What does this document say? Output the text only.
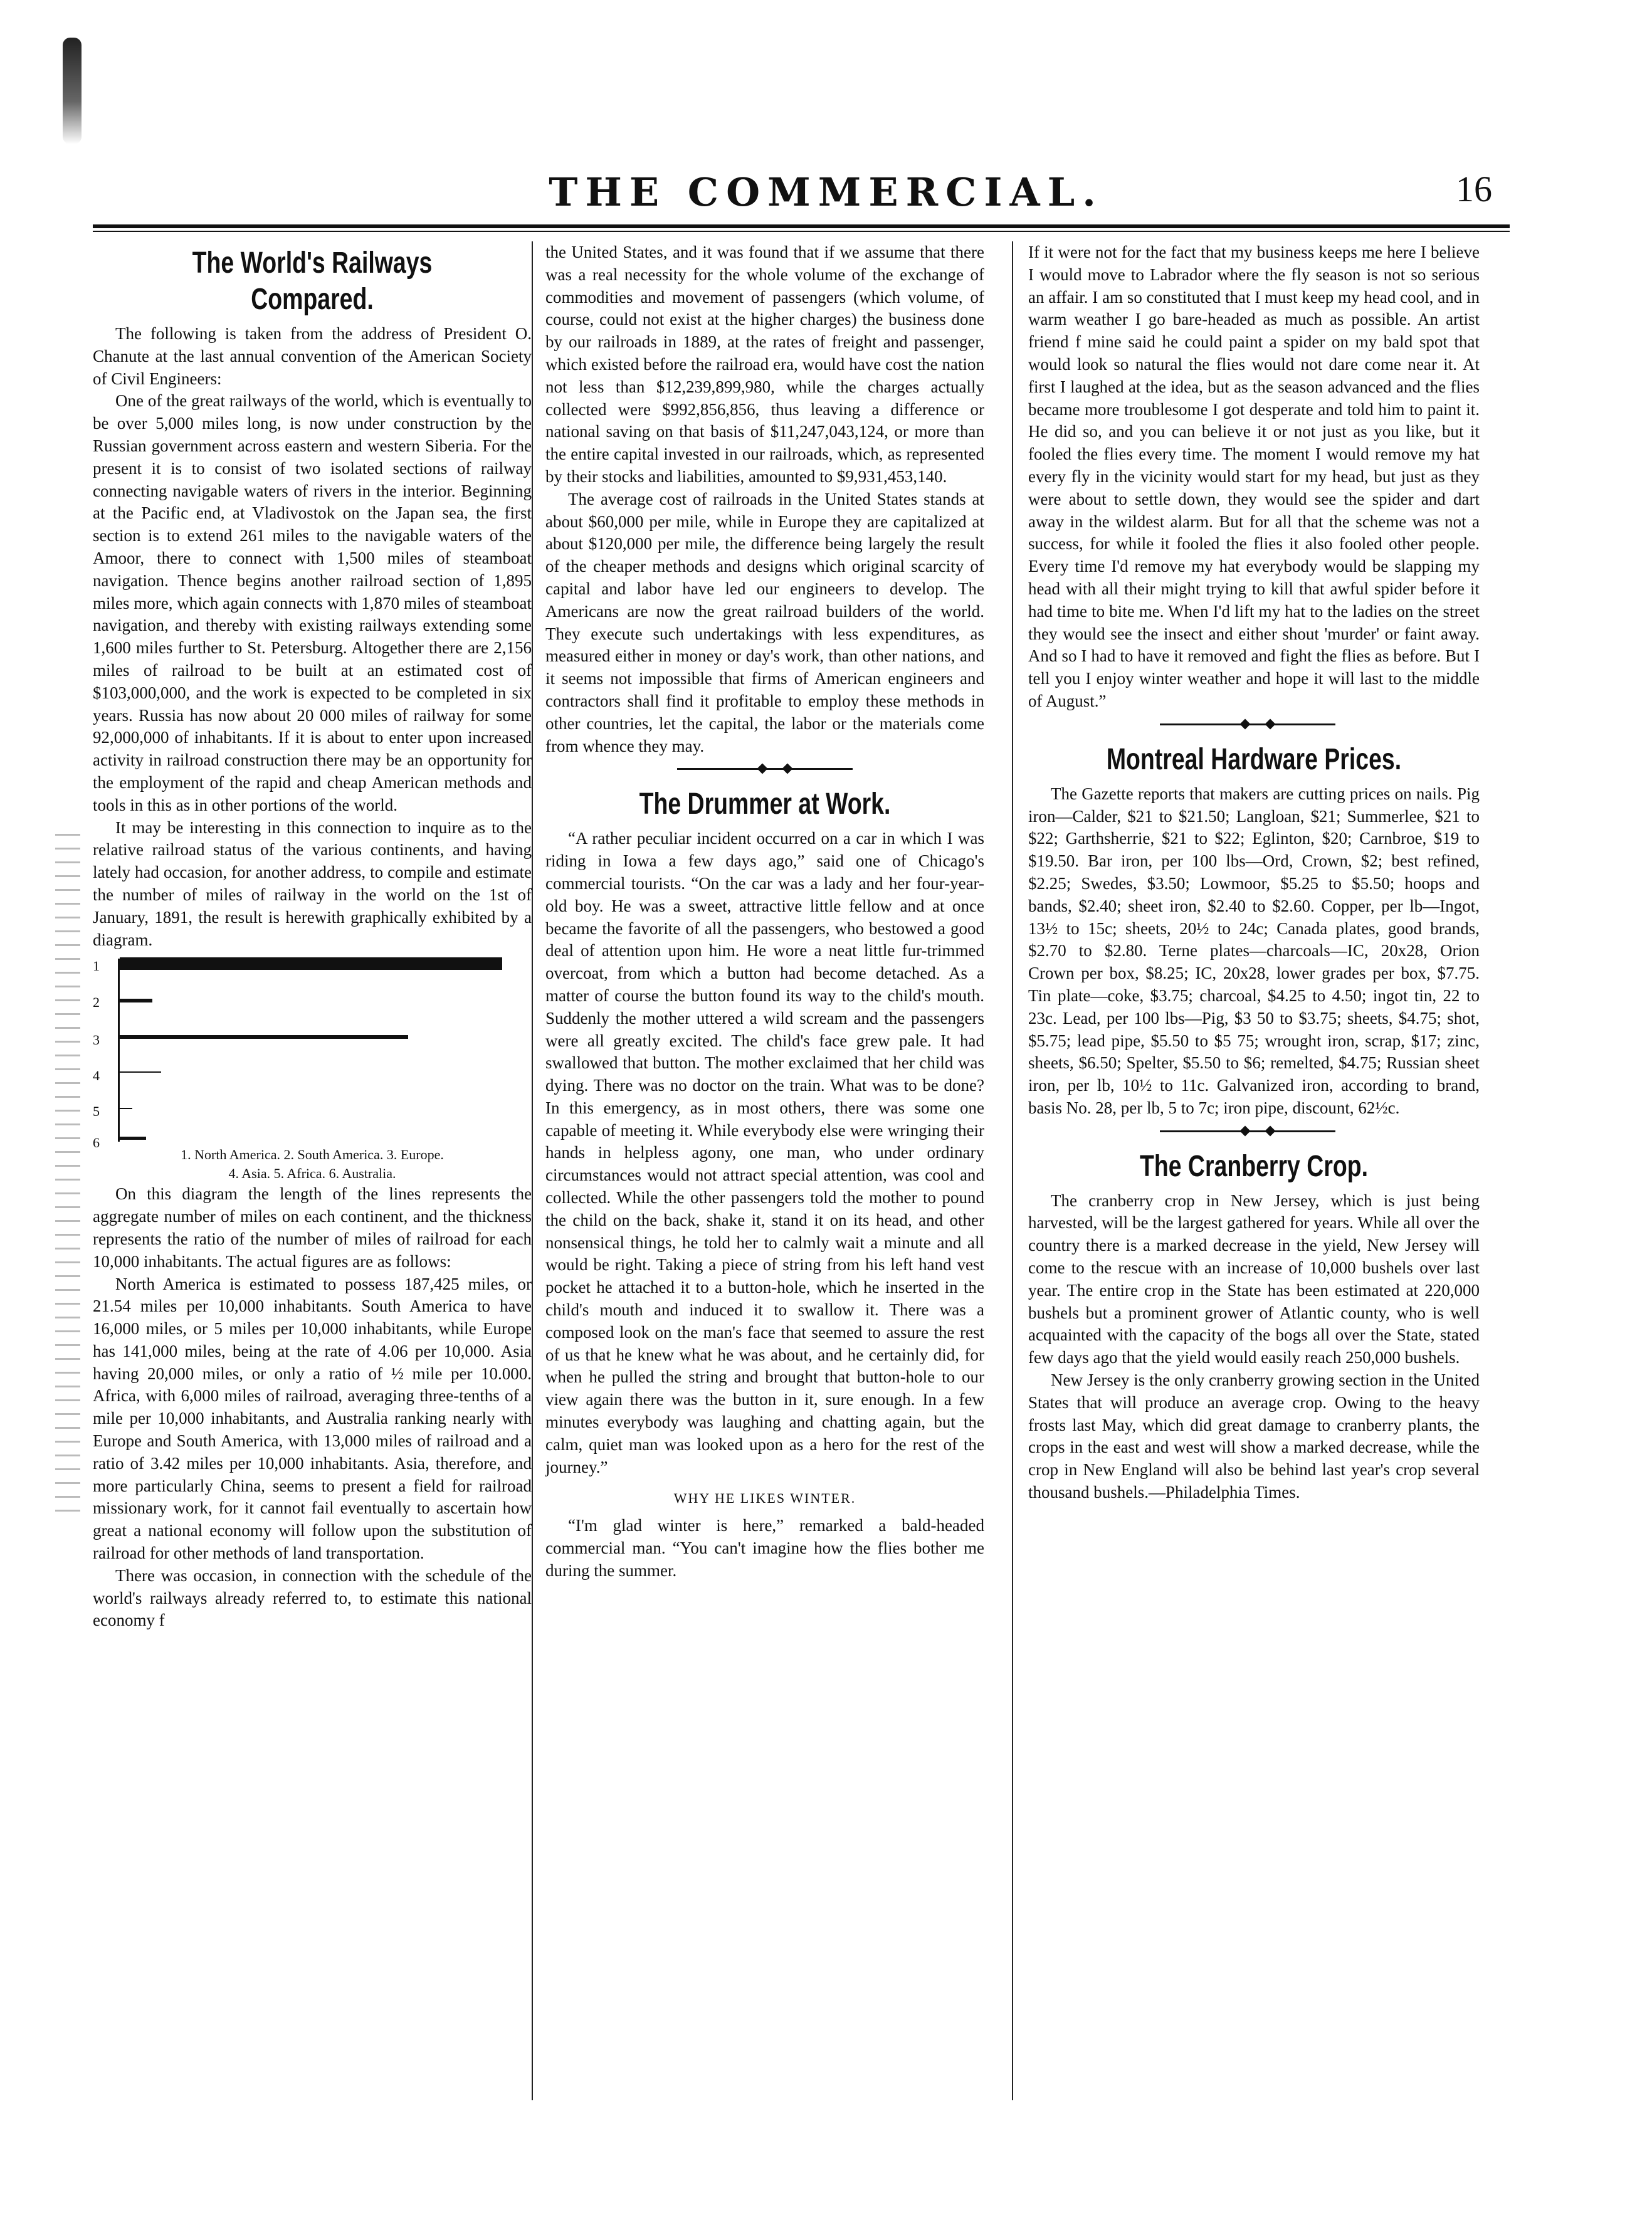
THE COMMERCIAL.	16
The World's Railways Compared.

The following is taken from the address of President O. Chanute at the last annual convention of the American Society of Civil Engineers:

One of the great railways of the world, which is eventually to be over 5,000 miles long, is now under construction by the Russian government across eastern and western Siberia. For the present it is to consist of two isolated sections of railway connecting navigable waters of rivers in the interior. Beginning at the Pacific end, at Vladivostok on the Japan sea, the first section is to extend 261 miles to the navigable waters of the Amoor, there to connect with 1,500 miles of steamboat navigation. Thence begins another railroad section of 1,895 miles more, which again connects with 1,870 miles of steamboat navigation, and thereby with existing railways extending some 1,600 miles further to St. Petersburg. Altogether there are 2,156 miles of railroad to be built at an estimated cost of $103,000,000, and the work is expected to be completed in six years. Russia has now about 20 000 miles of railway for some 92,000,000 of inhabitants. If it is about to enter upon increased activity in railroad construction there may be an opportunity for the employment of the rapid and cheap American methods and tools in this as in other portions of the world.

It may be interesting in this connection to inquire as to the relative railroad status of the various continents, and having lately had occasion, for another address, to compile and estimate the number of miles of railway in the world on the 1st of January, 1891, the result is herewith graphically exhibited by a diagram.

1
2
3
4
5
6
1. North America. 2. South America. 3. Europe.
4. Asia. 5. Africa. 6. Australia.

On this diagram the length of the lines represents the aggregate number of miles on each continent, and the thickness represents the ratio of the number of miles of railroad for each 10,000 inhabitants. The actual figures are as follows:

North America is estimated to possess 187,425 miles, or 21.54 miles per 10,000 inhabitants. South America to have 16,000 miles, or 5 miles per 10,000 inhabitants, while Europe has 141,000 miles, being at the rate of 4.06 per 10,000. Asia having 20,000 miles, or only a ratio of ½ mile per 10.000. Africa, with 6,000 miles of railroad, averaging three-tenths of a mile per 10,000 inhabitants, and Australia ranking nearly with Europe and South America, with 13,000 miles of railroad and a ratio of 3.42 miles per 10,000 inhabitants. Asia, therefore, and more particularly China, seems to present a field for railroad missionary work, for it cannot fail eventually to ascertain how great a national economy will follow upon the substitution of railroad for other methods of land transportation.

There was occasion, in connection with the schedule of the world's railways already referred to, to estimate this national economy f

the United States, and it was found that if we assume that there was a real necessity for the whole volume of the exchange of commodities and movement of passengers (which volume, of course, could not exist at the higher charges) the business done by our railroads in 1889, at the rates of freight and passenger, which existed before the railroad era, would have cost the nation not less than $12,239,899,980, while the charges actually collected were $992,856,856, thus leaving a difference or national saving on that basis of $11,247,043,124, or more than the entire capital invested in our railroads, which, as represented by their stocks and liabilities, amounted to $9,931,453,140.

The average cost of railroads in the United States stands at about $60,000 per mile, while in Europe they are capitalized at about $120,000 per mile, the difference being largely the result of the cheaper methods and designs which original scarcity of capital and labor have led our engineers to develop. The Americans are now the great railroad builders of the world. They execute such undertakings with less expenditures, as measured either in money or day's work, than other nations, and it seems not impossible that firms of American engineers and contractors shall find it profitable to employ these methods in other countries, let the capital, the labor or the materials come from whence they may.

The Drummer at Work.

“A rather peculiar incident occurred on a car in which I was riding in Iowa a few days ago,” said one of Chicago's commercial tourists. “On the car was a lady and her four-year-old boy. He was a sweet, attractive little fellow and at once became the favorite of all the passengers, who bestowed a good deal of attention upon him. He wore a neat little fur-trimmed overcoat, from which a button had become detached. As a matter of course the button found its way to the child's mouth. Suddenly the mother uttered a wild scream and the passengers were all greatly excited. The child's face grew pale. It had swallowed that button. The mother exclaimed that her child was dying. There was no doctor on the train. What was to be done? In this emergency, as in most others, there was some one capable of meeting it. While everybody else were wringing their hands in helpless agony, one man, who under ordinary circumstances would not attract special attention, was cool and collected. While the other passengers told the mother to pound the child on the back, shake it, stand it on its head, and other nonsensical things, he told her to calmly wait a minute and all would be right. Taking a piece of string from his left hand vest pocket he attached it to a button-hole, which he inserted in the child's mouth and induced it to swallow it. There was a composed look on the man's face that seemed to assure the rest of us that he knew what he was about, and he certainly did, for when he pulled the string and brought that button-hole to our view again there was the button in it, sure enough. In a few minutes everybody was laughing and chatting again, but the calm, quiet man was looked upon as a hero for the rest of the journey.”

WHY HE LIKES WINTER.

“I'm glad winter is here,” remarked a bald-headed commercial man. “You can't imagine how the flies bother me during the summer.

If it were not for the fact that my business keeps me here I believe I would move to Labrador where the fly season is not so serious an affair. I am so constituted that I must keep my head cool, and in warm weather I go bare-headed as much as possible. An artist friend f mine said he could paint a spider on my bald spot that would look so natural the flies would not dare come near it. At first I laughed at the idea, but as the season advanced and the flies became more troublesome I got desperate and told him to paint it. He did so, and you can believe it or not just as you like, but it fooled the flies every time. The moment I would remove my hat every fly in the vicinity would start for my head, but just as they were about to settle down, they would see the spider and dart away in the wildest alarm. But for all that the scheme was not a success, for while it fooled the flies it also fooled other people. Every time I'd remove my hat everybody would be slapping my head with all their might trying to kill that awful spider before it had time to bite me. When I'd lift my hat to the ladies on the street they would see the insect and either shout 'murder' or faint away. And so I had to have it removed and fight the flies as before. But I tell you I enjoy winter weather and hope it will last to the middle of August.”

Montreal Hardware Prices.

The Gazette reports that makers are cutting prices on nails. Pig iron—Calder, $21 to $21.50; Langloan, $21; Summerlee, $21 to $22; Garthsherrie, $21 to $22; Eglinton, $20; Carnbroe, $19 to $19.50. Bar iron, per 100 lbs—Ord, Crown, $2; best refined, $2.25; Swedes, $3.50; Lowmoor, $5.25 to $5.50; hoops and bands, $2.40; sheet iron, $2.40 to $2.60. Copper, per lb—Ingot, 13½ to 15c; sheets, 20½ to 24c; Canada plates, good brands, $2.70 to $2.80. Terne plates—charcoals—IC, 20x28, Orion Crown per box, $8.25; IC, 20x28, lower grades per box, $7.75. Tin plate—coke, $3.75; charcoal, $4.25 to 4.50; ingot tin, 22 to 23c. Lead, per 100 lbs—Pig, $3 50 to $3.75; sheets, $4.75; shot, $5.75; lead pipe, $5.50 to $5 75; wrought iron, scrap, $17; zinc, sheets, $6.50; Spelter, $5.50 to $6; remelted, $4.75; Russian sheet iron, per lb, 10½ to 11c. Galvanized iron, according to brand, basis No. 28, per lb, 5 to 7c; iron pipe, discount, 62½c.

The Cranberry Crop.

The cranberry crop in New Jersey, which is just being harvested, will be the largest gathered for years. While all over the country there is a marked decrease in the yield, New Jersey will come to the rescue with an increase of 10,000 bushels over last year. The entire crop in the State has been estimated at 220,000 bushels but a prominent grower of Atlantic county, who is well acquainted with the capacity of the bogs all over the State, stated few days ago that the yield would easily reach 250,000 bushels.

New Jersey is the only cranberry growing section in the United States that will produce an average crop. Owing to the heavy frosts last May, which did great damage to cranberry plants, the crops in the east and west will show a marked decrease, while the crop in New England will also be behind last year's crop several thousand bushels.—Philadelphia Times.
